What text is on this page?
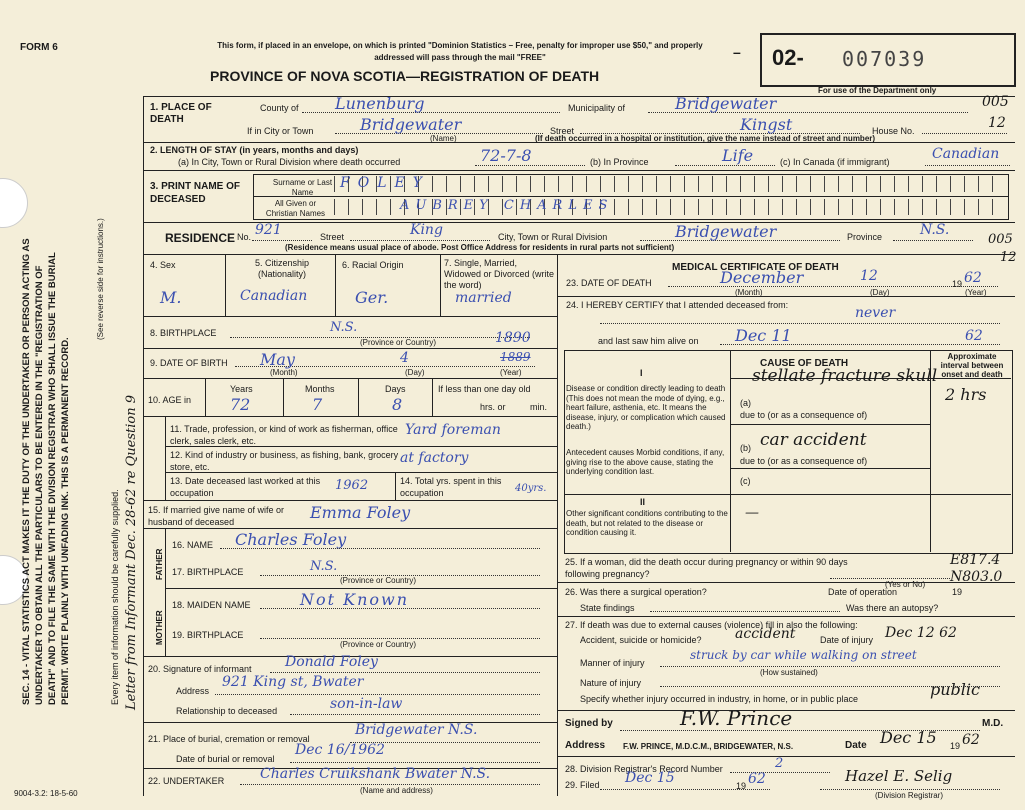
FORM 6	This form, if placed in an envelope, on which is printed "Dominion Statistics – Free, penalty for improper use $50," and properly addressed will pass through the mail "FREE"	– 02- 007039
PROVINCE OF NOVA SCOTIA—REGISTRATION OF DEATH
For use of the Department only
SEC. 14 - VITAL STATISTICS ACT MAKES IT THE DUTY OF THE UNDERTAKER OR PERSON ACTING AS UNDERTAKER TO OBTAIN ALL THE PARTICULARS TO BE ENTERED IN THE "REGISTRATION OF DEATH" AND TO FILE THE SAME WITH THE DIVISION REGISTRAR WHO SHALL ISSUE THE BURIAL PERMIT. WRITE PLAINLY WITH UNFADING INK. THIS IS A PERMANENT RECORD.
(See reverse side for instructions.)
Every item of information should be carefully supplied. Letter from Informant Dec. 28-62 re Question 9
1. PLACE OF DEATH
County of Lunenburg	Municipality of	Bridgewater	005
If in City or Town	Bridgewater
(Name)
Street	Kingst	House No.	12
(If death occurred in a hospital or institution, give the name instead of street and number)
2. LENGTH OF STAY (in years, months and days)
(a) In City, Town or Rural Division where death occurred	72-7-8	(b) In Province	Life	(c) In Canada (if immigrant)	Canadian
3. PRINT NAME OF DECEASED
Surname or Last Name
All Given or Christian Names
FOLEY
AUBREY CHARLES
RESIDENCE No. 921	Street	King	City, Town or Rural Division	Bridgewater	Province	N.S.
005
12
(Residence means usual place of abode. Post Office Address for residents in rural parts not sufficient)
4. Sex
M.
5. Citizenship (Nationality)
Canadian
6. Racial Origin
Ger.
7. Single, Married, Widowed or Divorced (write the word)
married
8. BIRTHPLACE	N.S.
(Province or Country)
9. DATE OF BIRTH May	4
1890
1889
(Month)	(Day)	(Year)
10. AGE in
Years	Months	Days
72	7	8
If less than one day old
hrs. or	min.
11. Trade, profession, or kind of work as fisherman, office clerk, sales clerk, etc.
Yard foreman
12. Kind of industry or business, as fishing, bank, grocery store, etc.
at factory
13. Date deceased last worked at this occupation	1962	14. Total yrs. spent in this occupation	40yrs.
15. If married give name of wife or husband of deceased	Emma Foley
FATHER
16. NAME Charles Foley
17. BIRTHPLACE	N.S.
(Province or Country)
MOTHER
18. MAIDEN NAME	Not Known
19. BIRTHPLACE
(Province or Country)
20. Signature of informant Donald Foley
Address
921 King st, Bwater
Relationship to deceased	son-in-law
21. Place of burial, cremation or removal
Bridgewater N.S.
Date of burial or removal
Dec 16/1962
22. UNDERTAKER	Charles Cruikshank Bwater N.S.
(Name and address)
MEDICAL CERTIFICATE OF DEATH
23. DATE OF DEATH	December	12	19 62
(Month)	(Day)	(Year)
24. I HEREBY CERTIFY that I attended deceased from:	never
and last saw him alive on Dec 11	62
CAUSE OF DEATH
Approximate interval between onset and death
I
Disease or condition directly leading to death (This does not mean the mode of dying, e.g., heart failure, asthenia, etc. It means the disease, injury, or complication which caused death.)
(a)
stellate fracture skull
2 hrs
due to (or as a consequence of)
Antecedent causes Morbid conditions, if any, giving rise to the above cause, stating the underlying condition last.
(b) car accident
due to (or as a consequence of)
(c)
II
Other significant conditions contributing to the death, but not related to the disease or condition causing it.
—
25. If a woman, did the death occur during pregnancy or within 90 days following pregnancy?
(Yes or No)
E817.4
N803.0
26. Was there a surgical operation?	Date of operation	19
State findings	Was there an autopsy?
27. If death was due to external causes (violence) fill in also the following:
Accident, suicide or homicide? accident	Date of injury Dec 12 62
Manner of injury
struck by car while walking on street
(How sustained)
Nature of injury
Specify whether injury occurred in industry, in home, or in public place	public
Signed by	F.W. Prince	M.D.
Address F.W. PRINCE, M.D.C.M., BRIDGEWATER, N.S.	Date Dec 15 19 62
28. Division Registrar's Record Number	2
29. Filed Dec 15	19 62	Hazel E. Selig
(Division Registrar)
9004-3.2: 18-5-60
